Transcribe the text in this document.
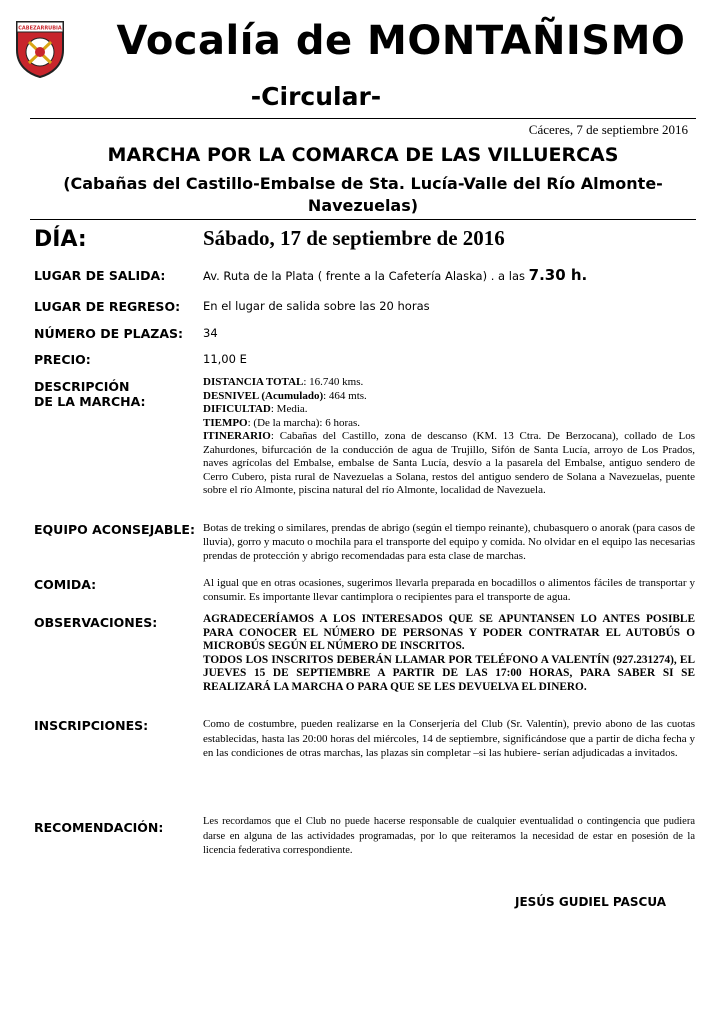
CABEZARRUBIA	Vocalía de MONTAÑISMO
-Circular-
Cáceres, 7 de septiembre 2016
MARCHA POR LA COMARCA DE LAS VILLUERCAS
(Cabañas del Castillo-Embalse de Sta. Lucía-Valle del Río Almonte-Navezuelas)
DÍA:	Sábado, 17 de septiembre de 2016
LUGAR DE SALIDA:	Av. Ruta de la Plata ( frente a la Cafetería Alaska) . a las 7.30 h.
LUGAR DE REGRESO: En el lugar de salida sobre las 20 horas
NÚMERO DE PLAZAS: 34
PRECIO:	11,00 E
DESCRIPCIÓN
DE LA MARCHA:
DISTANCIA TOTAL: 16.740 kms.
DESNIVEL (Acumulado): 464 mts.
DIFICULTAD: Media.
TIEMPO: (De la marcha): 6 horas.
ITINERARIO: Cabañas del Castillo, zona de descanso (KM. 13 Ctra. De Berzocana), collado de Los Zahurdones, bifurcación de la conducción de agua de Trujillo, Sifón de Santa Lucía, arroyo de Los Prados, naves agrícolas del Embalse, embalse de Santa Lucía, desvío a la pasarela del Embalse, antiguo sendero de Cerro Cubero, pista rural de Navezuelas a Solana, restos del antiguo sendero de Solana a Navezuelas, puente sobre el río Almonte, piscina natural del río Almonte, localidad de Navezuela.
EQUIPO ACONSEJABLE: Botas de treking o similares, prendas de abrigo (según el tiempo reinante), chubasquero o anorak (para casos de lluvia), gorro y macuto o mochila para el transporte del equipo y comida. No olvidar en el equipo las necesarias prendas de protección y abrigo recomendadas para esta clase de marchas.
COMIDA:	Al igual que en otras ocasiones, sugerimos llevarla preparada en bocadillos o alimentos fáciles de transportar y consumir. Es importante llevar cantimplora o recipientes para el transporte de agua.
OBSERVACIONES:	AGRADECERÍAMOS A LOS INTERESADOS QUE SE APUNTANSEN LO ANTES POSIBLE PARA CONOCER EL NÚMERO DE PERSONAS Y PODER CONTRATAR EL AUTOBÚS O MICROBÚS SEGÚN EL NÚMERO DE INSCRITOS.
TODOS LOS INSCRITOS DEBERÁN LLAMAR POR TELÉFONO A VALENTÍN (927.231274), EL JUEVES 15 DE SEPTIEMBRE A PARTIR DE LAS 17:00 HORAS, PARA SABER SI SE REALIZARÁ LA MARCHA O PARA QUE SE LES DEVUELVA EL DINERO.
INSCRIPCIONES:	Como de costumbre, pueden realizarse en la Conserjería del Club (Sr. Valentín), previo abono de las cuotas establecidas, hasta las 20:00 horas del miércoles, 14 de septiembre, significándose que a partir de dicha fecha y en las condiciones de otras marchas, las plazas sin completar –si las hubiere- serían adjudicadas a invitados.
RECOMENDACIÓN:	Les recordamos que el Club no puede hacerse responsable de cualquier eventualidad o contingencia que pudiera darse en alguna de las actividades programadas, por lo que reiteramos la necesidad de estar en posesión de la licencia federativa correspondiente.
JESÚS GUDIEL PASCUA
